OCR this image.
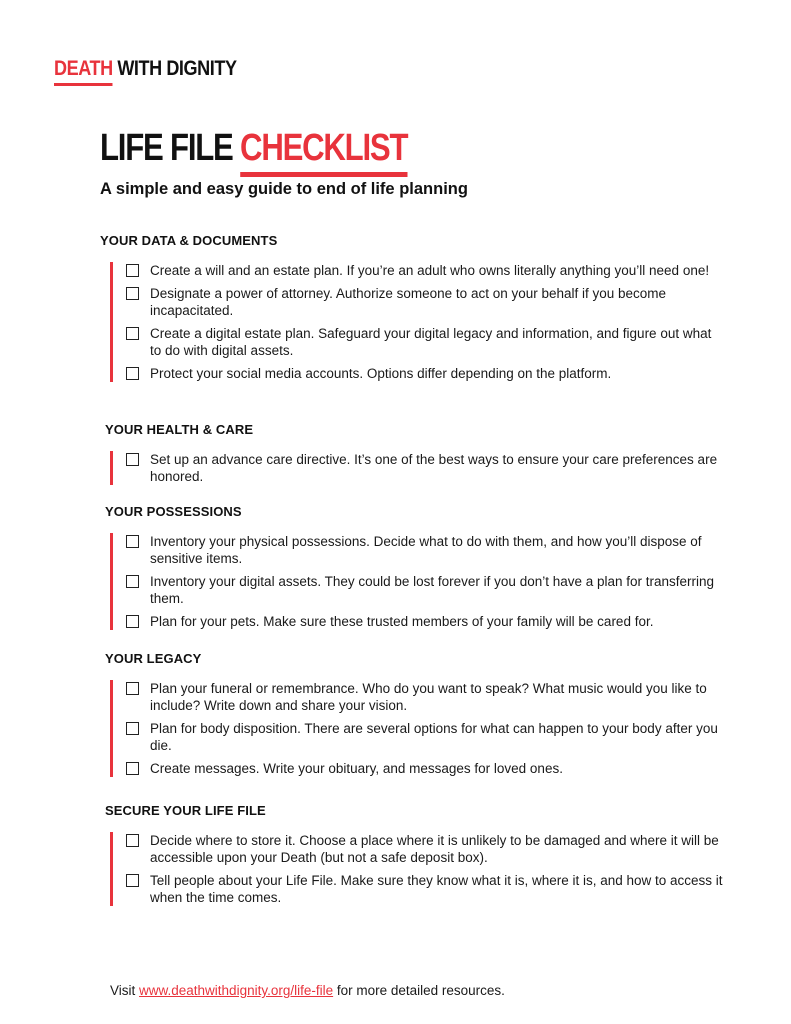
DEATH WITH DIGNITY
LIFE FILE CHECKLIST
A simple and easy guide to end of life planning
YOUR DATA & DOCUMENTS
Create a will and an estate plan. If you’re an adult who owns literally anything you’ll need one!
Designate a power of attorney. Authorize someone to act on your behalf if you become incapacitated.
Create a digital estate plan. Safeguard your digital legacy and information, and figure out what to do with digital assets.
Protect your social media accounts. Options differ depending on the platform.
YOUR HEALTH & CARE
Set up an advance care directive. It’s one of the best ways to ensure your care preferences are honored.
YOUR POSSESSIONS
Inventory your physical possessions. Decide what to do with them, and how you’ll dispose of sensitive items.
Inventory your digital assets. They could be lost forever if you don’t have a plan for transferring them.
Plan for your pets. Make sure these trusted members of your family will be cared for.
YOUR LEGACY
Plan your funeral or remembrance. Who do you want to speak? What music would you like to include? Write down and share your vision.
Plan for body disposition. There are several options for what can happen to your body after you die.
Create messages. Write your obituary, and messages for loved ones.
SECURE YOUR LIFE FILE
Decide where to store it. Choose a place where it is unlikely to be damaged and where it will be accessible upon your Death (but not a safe deposit box).
Tell people about your Life File. Make sure they know what it is, where it is, and how to access it when the time comes.
Visit www.deathwithdignity.org/life-file for more detailed resources.
